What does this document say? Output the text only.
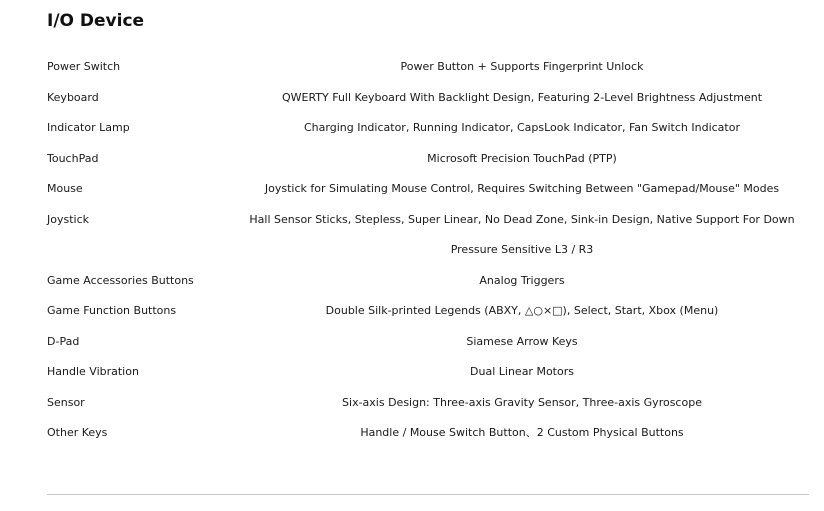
I/O Device
Power Switch	Power Button + Supports Fingerprint Unlock
Keyboard	QWERTY Full Keyboard With Backlight Design, Featuring 2-Level Brightness Adjustment
Indicator Lamp	Charging Indicator, Running Indicator, CapsLook Indicator, Fan Switch Indicator
TouchPad	Microsoft Precision TouchPad (PTP)
Mouse	Joystick for Simulating Mouse Control, Requires Switching Between "Gamepad/Mouse" Modes
Joystick	Hall Sensor Sticks, Stepless, Super Linear, No Dead Zone, Sink-in Design, Native Support For Down Pressure Sensitive L3 / R3
Game Accessories Buttons	Analog Triggers
Game Function Buttons	Double Silk-printed Legends (ABXY, △○×□), Select, Start, Xbox (Menu)
D-Pad	Siamese Arrow Keys
Handle Vibration	Dual Linear Motors
Sensor	Six-axis Design: Three-axis Gravity Sensor, Three-axis Gyroscope
Other Keys	Handle / Mouse Switch Button、2 Custom Physical Buttons
